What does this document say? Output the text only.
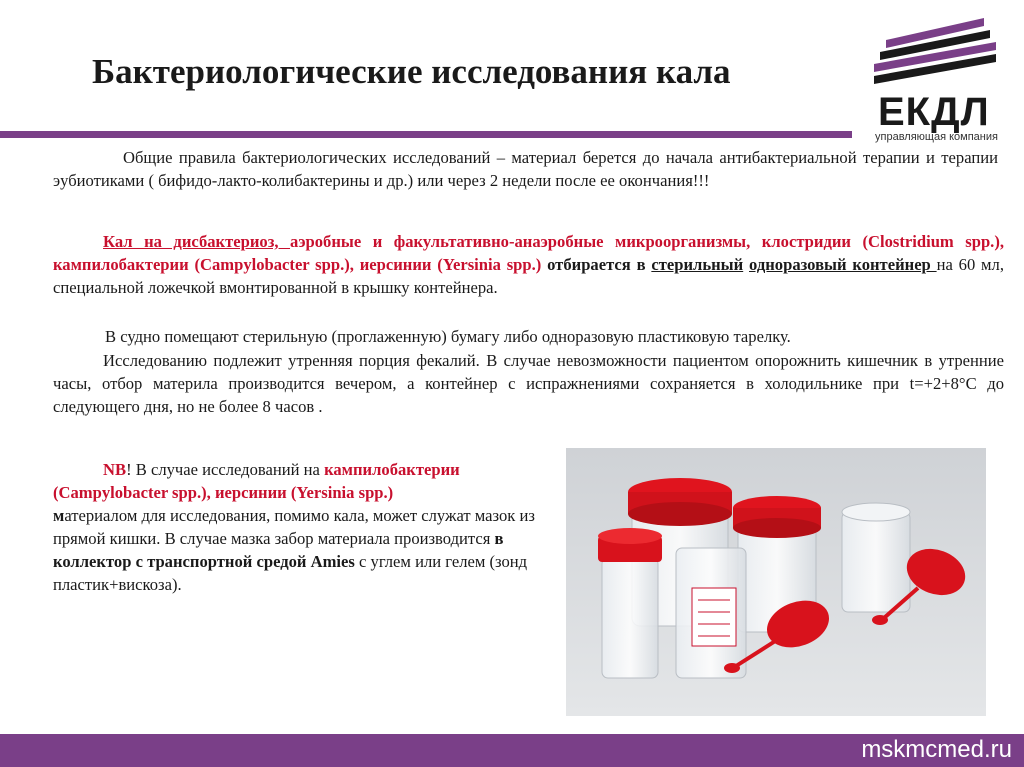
Бактериологические исследования кала
ЕКДЛ
управляющая компания

Общие правила бактериологических исследований – материал берется до начала антибактериальной терапии и терапии эубиотиками ( бифидо-лакто-колибактерины и др.) или через 2 недели после ее окончания!!!

Кал на дисбактериоз, аэробные и факультативно-анаэробные микроорганизмы, клостридии (Clostridium spp.), кампилобактерии (Campylobacter spp.), иерсинии (Yersinia spp.) отбирается в стерильный одноразовый контейнер на 60 мл, специальной ложечкой вмонтированной в крышку контейнера.

В судно помещают стерильную (проглаженную) бумагу либо одноразовую пластиковую тарелку.

Исследованию подлежит утренняя порция фекалий. В случае невозможности пациентом опорожнить кишечник в утренние часы, отбор материла производится вечером, а контейнер с испражнениями сохраняется в холодильнике при t=+2+8°С до следующего дня, но не более 8 часов .

NB! В случае исследований на кампилобактерии (Campylobacter spp.), иерсинии (Yersinia spp.)
материалом для исследования, помимо кала, может служат мазок из прямой кишки. В случае мазка забор материала производится в коллектор с транспортной средой Amies с углем или гелем (зонд пластик+вискоза).

mskmcmed.ru
